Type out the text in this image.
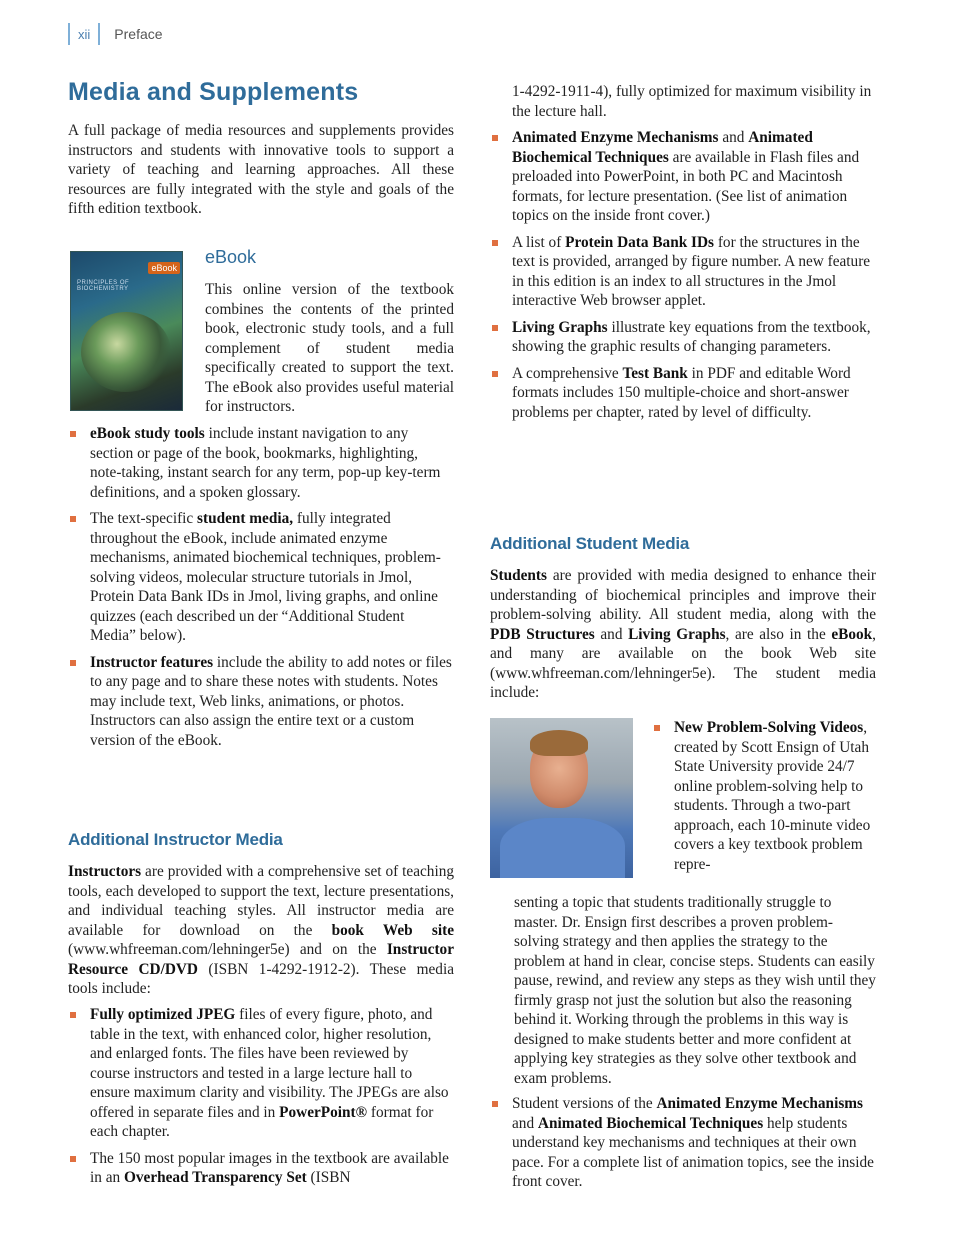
xii	Preface
Media and Supplements

A full package of media resources and supplements provides instructors and students with innovative tools to support a variety of teaching and learning approaches. All these resources are fully integrated with the style and goals of the fifth edition textbook.

eBook
PRINCIPLES OF BIOCHEMISTRY
eBook

This online version of the textbook combines the contents of the printed book, electronic study tools, and a full complement of student media specifically created to support the text. The eBook also provides useful material for instructors.

eBook study tools include instant navigation to any section or page of the book, bookmarks, highlighting, note-taking, instant search for any term, pop-up key-term definitions, and a spoken glossary.
The text-specific student media, fully integrated throughout the eBook, include animated enzyme mechanisms, animated biochemical techniques, problem-solving videos, molecular structure tutorials in Jmol, Protein Data Bank IDs in Jmol, living graphs, and online quizzes (each described un der “Additional Student Media” below).
Instructor features include the ability to add notes or files to any page and to share these notes with students. Notes may include text, Web links, animations, or photos. Instructors can also assign the entire text or a custom version of the eBook.
Additional Instructor Media

Instructors are provided with a comprehensive set of teaching tools, each developed to support the text, lecture presentations, and individual teaching styles. All instructor media are available for download on the book Web site (www.whfreeman.com/lehninger5e) and on the Instructor Resource CD/DVD (ISBN 1-4292-1912-2). These media tools include:

Fully optimized JPEG files of every figure, photo, and table in the text, with enhanced color, higher resolution, and enlarged fonts. The files have been reviewed by course instructors and tested in a large lecture hall to ensure maximum clarity and visibility. The JPEGs are also offered in separate files and in PowerPoint® format for each chapter.
The 150 most popular images in the textbook are available in an Overhead Transparency Set (ISBN

1-4292-1911-4), fully optimized for maximum visibility in the lecture hall.

Animated Enzyme Mechanisms and Animated Biochemical Techniques are available in Flash files and preloaded into PowerPoint, in both PC and Macintosh formats, for lecture presentation. (See list of animation topics on the inside front cover.)
A list of Protein Data Bank IDs for the structures in the text is provided, arranged by figure number. A new feature in this edition is an index to all structures in the Jmol interactive Web browser applet.
Living Graphs illustrate key equations from the textbook, showing the graphic results of changing parameters.
A comprehensive Test Bank in PDF and editable Word formats includes 150 multiple-choice and short-answer problems per chapter, rated by level of difficulty.
Additional Student Media

Students are provided with media designed to enhance their understanding of biochemical principles and improve their problem-solving ability. All student media, along with the PDB Structures and Living Graphs, are also in the eBook, and many are available on the book Web site (www.whfreeman.com/lehninger5e). The student media include:

New Problem-Solving Videos, created by Scott Ensign of Utah State University provide 24/7 online problem-solving help to students. Through a two-part approach, each 10-minute video covers a key textbook problem repre-

senting a topic that students traditionally struggle to master. Dr. Ensign first describes a proven problem-solving strategy and then applies the strategy to the problem at hand in clear, concise steps. Students can easily pause, rewind, and review any steps as they wish until they firmly grasp not just the solution but also the reasoning behind it. Working through the problems in this way is designed to make students better and more confident at applying key strategies as they solve other textbook and exam problems.

Student versions of the Animated Enzyme Mechanisms and Animated Biochemical Techniques help students understand key mechanisms and techniques at their own pace. For a complete list of animation topics, see the inside front cover.
